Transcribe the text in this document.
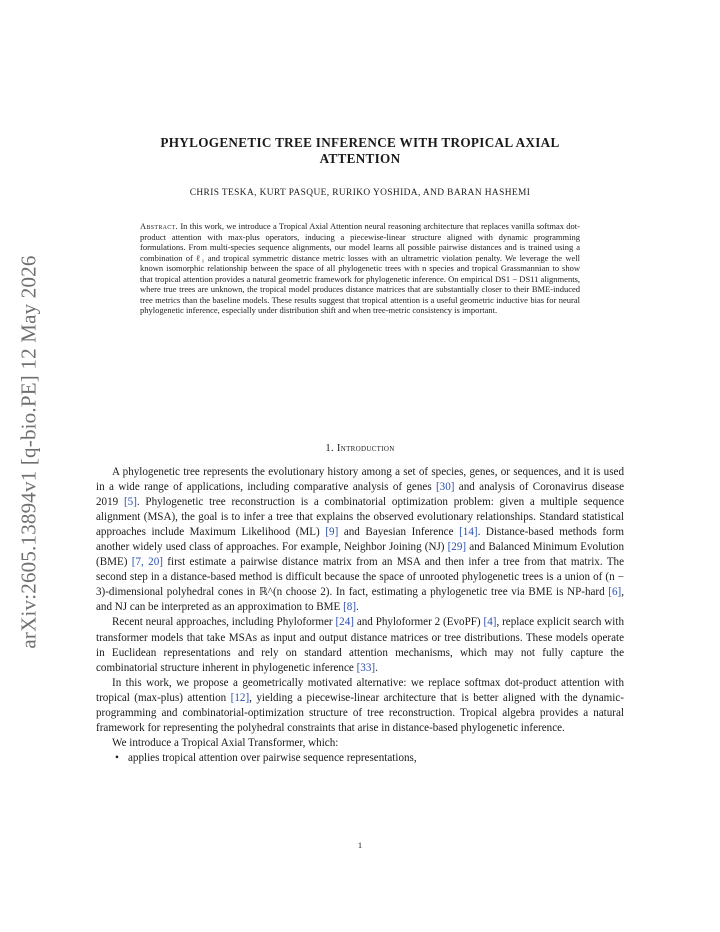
arXiv:2605.13894v1 [q-bio.PE] 12 May 2026
PHYLOGENETIC TREE INFERENCE WITH TROPICAL AXIAL
ATTENTION
CHRIS TESKA, KURT PASQUE, RURIKO YOSHIDA, AND BARAN HASHEMI

Abstract. In this work, we introduce a Tropical Axial Attention neural reasoning architecture that replaces vanilla softmax dot-product attention with max-plus operators, inducing a piecewise-linear structure aligned with dynamic programming formulations. From multi-species sequence alignments, our model learns all possible pairwise distances and is trained using a combination of ℓ₁ and tropical symmetric distance metric losses with an ultrametric violation penalty. We leverage the well known isomorphic relationship between the space of all phylogenetic trees with n species and tropical Grassmannian to show that tropical attention provides a natural geometric framework for phylogenetic inference. On empirical DS1 − DS11 alignments, where true trees are unknown, the tropical model produces distance matrices that are substantially closer to their BME-induced tree metrics than the baseline models. These results suggest that tropical attention is a useful geometric inductive bias for neural phylogenetic inference, especially under distribution shift and when tree-metric consistency is important.

1. Introduction

A phylogenetic tree represents the evolutionary history among a set of species, genes, or sequences, and it is used in a wide range of applications, including comparative analysis of genes [30] and analysis of Coronavirus disease 2019 [5]. Phylogenetic tree reconstruction is a combinatorial optimization problem: given a multiple sequence alignment (MSA), the goal is to infer a tree that explains the observed evolutionary relationships. Standard statistical approaches include Maximum Likelihood (ML) [9] and Bayesian Inference [14]. Distance-based methods form another widely used class of approaches. For example, Neighbor Joining (NJ) [29] and Balanced Minimum Evolution (BME) [7, 20] first estimate a pairwise distance matrix from an MSA and then infer a tree from that matrix. The second step in a distance-based method is difficult because the space of unrooted phylogenetic trees is a union of (n − 3)-dimensional polyhedral cones in ℝ^(n choose 2). In fact, estimating a phylogenetic tree via BME is NP-hard [6], and NJ can be interpreted as an approximation to BME [8].

Recent neural approaches, including Phyloformer [24] and Phyloformer 2 (EvoPF) [4], replace explicit search with transformer models that take MSAs as input and output distance matrices or tree distributions. These models operate in Euclidean representations and rely on standard attention mechanisms, which may not fully capture the combinatorial structure inherent in phylogenetic inference [33].

In this work, we propose a geometrically motivated alternative: we replace softmax dot-product attention with tropical (max-plus) attention [12], yielding a piecewise-linear architecture that is better aligned with the dynamic-programming and combinatorial-optimization structure of tree reconstruction. Tropical algebra provides a natural framework for representing the polyhedral constraints that arise in distance-based phylogenetic inference.

We introduce a Tropical Axial Transformer, which:

• applies tropical attention over pairwise sequence representations,

1
